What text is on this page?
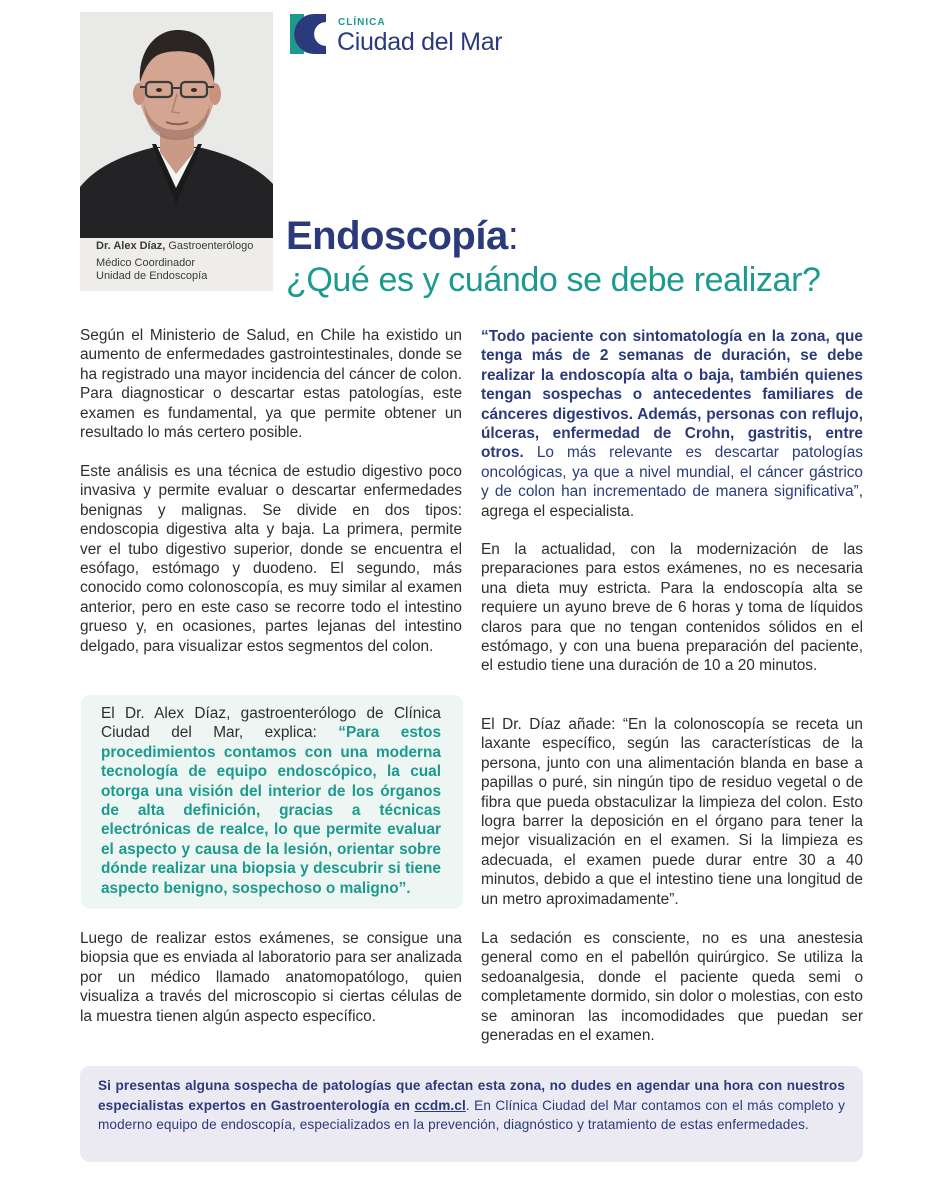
Dr. Alex Díaz, Gastroenterólogo
Médico Coordinador
Unidad de Endoscopía
CLÍNICA
Ciudad del Mar
Endoscopía:
¿Qué es y cuándo se debe realizar?

Según el Ministerio de Salud, en Chile ha existido un aumento de enfermedades gastrointestinales, donde se ha registrado una mayor incidencia del cáncer de colon. Para diagnosticar o descartar estas patologías, este examen es fundamental, ya que permite obtener un resultado lo más certero posible.

Este análisis es una técnica de estudio digestivo poco invasiva y permite evaluar o descartar enfermedades benignas y malignas. Se divide en dos tipos: endoscopia digestiva alta y baja. La primera, permite ver el tubo digestivo superior, donde se encuentra el esófago, estómago y duodeno. El segundo, más conocido como colonoscopía, es muy similar al examen anterior, pero en este caso se recorre todo el intestino grueso y, en ocasiones, partes lejanas del intestino delgado, para visualizar estos segmentos del colon.

El Dr. Alex Díaz, gastroenterólogo de Clínica Ciudad del Mar, explica: “Para estos procedimientos contamos con una moderna tecnología de equipo endoscópico, la cual otorga una visión del interior de los órganos de alta definición, gracias a técnicas electrónicas de realce, lo que permite evaluar el aspecto y causa de la lesión, orientar sobre dónde realizar una biopsia y descubrir si tiene aspecto benigno, sospechoso o maligno”.

Luego de realizar estos exámenes, se consigue una biopsia que es enviada al laboratorio para ser analizada por un médico llamado anatomopatólogo, quien visualiza a través del microscopio si ciertas células de la muestra tienen algún aspecto específico.

“Todo paciente con sintomatología en la zona, que tenga más de 2 semanas de duración, se debe realizar la endoscopía alta o baja, también quienes tengan sospechas o antecedentes familiares de cánceres digestivos. Además, personas con reflujo, úlceras, enfermedad de Crohn, gastritis, entre otros. Lo más relevante es descartar patologías oncológicas, ya que a nivel mundial, el cáncer gástrico y de colon han incrementado de manera significativa”, agrega el especialista.

En la actualidad, con la modernización de las preparaciones para estos exámenes, no es necesaria una dieta muy estricta. Para la endoscopía alta se requiere un ayuno breve de 6 horas y toma de líquidos claros para que no tengan contenidos sólidos en el estómago, y con una buena preparación del paciente, el estudio tiene una duración de 10 a 20 minutos.

El Dr. Díaz añade: “En la colonoscopía se receta un laxante específico, según las características de la persona, junto con una alimentación blanda en base a papillas o puré, sin ningún tipo de residuo vegetal o de fibra que pueda obstaculizar la limpieza del colon. Esto logra barrer la deposición en el órgano para tener la mejor visualización en el examen. Si la limpieza es adecuada, el examen puede durar entre 30 a 40 minutos, debido a que el intestino tiene una longitud de un metro aproximadamente”.

La sedación es consciente, no es una anestesia general como en el pabellón quirúrgico. Se utiliza la sedoanalgesia, donde el paciente queda semi o completamente dormido, sin dolor o molestias, con esto se aminoran las incomodidades que puedan ser generadas en el examen.

Si presentas alguna sospecha de patologías que afectan esta zona, no dudes en agendar una hora con nuestros especialistas expertos en Gastroenterología en ccdm.cl. En Clínica Ciudad del Mar contamos con el más completo y moderno equipo de endoscopía, especializados en la prevención, diagnóstico y tratamiento de estas enfermedades.
